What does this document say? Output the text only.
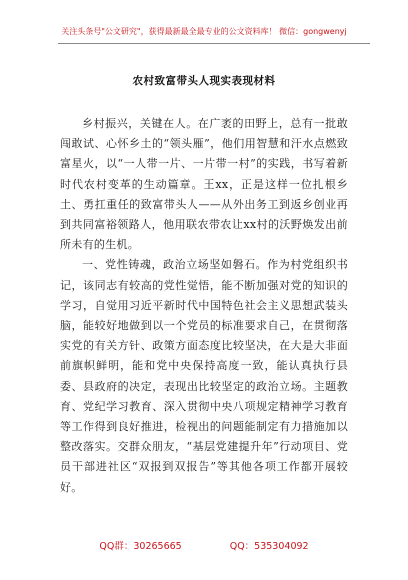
关注头条号"公文研究"，获得最新最全最专业的公文资料库！ 微信：gongwenyj
农村致富带头人现实表现材料

乡村振兴，关键在人。在广袤的田野上，总有一批敢闯敢试、心怀乡土的“领头雁”，他们用智慧和汗水点燃致富星火，以“一人带一片、一片带一村”的实践，书写着新时代农村变革的生动篇章。王xx，正是这样一位扎根乡土、勇扛重任的致富带头人——从外出务工到返乡创业再到共同富裕领路人，他用联农带农让xx村的沃野焕发出前所未有的生机。

一、党性铸魂，政治立场坚如磐石。作为村党组织书记，该同志有较高的党性觉悟，能不断加强对党的知识的学习，自觉用习近平新时代中国特色社会主义思想武装头脑，能较好地做到以一个党员的标准要求自己，在贯彻落实党的有关方针、政策方面态度比较坚决，在大是大非面前旗帜鲜明，能和党中央保持高度一致，能认真执行县委、县政府的决定，表现出比较坚定的政治立场。主题教育、党纪学习教育、深入贯彻中央八项规定精神学习教育等工作得到良好推进，检视出的问题能制定有力措施加以整改落实。交群众朋友，“基层党建提升年”行动项目、党员干部进社区“双报到双报告”等其他各项工作都开展较好。

QQ群：30265665	QQ：535304092
